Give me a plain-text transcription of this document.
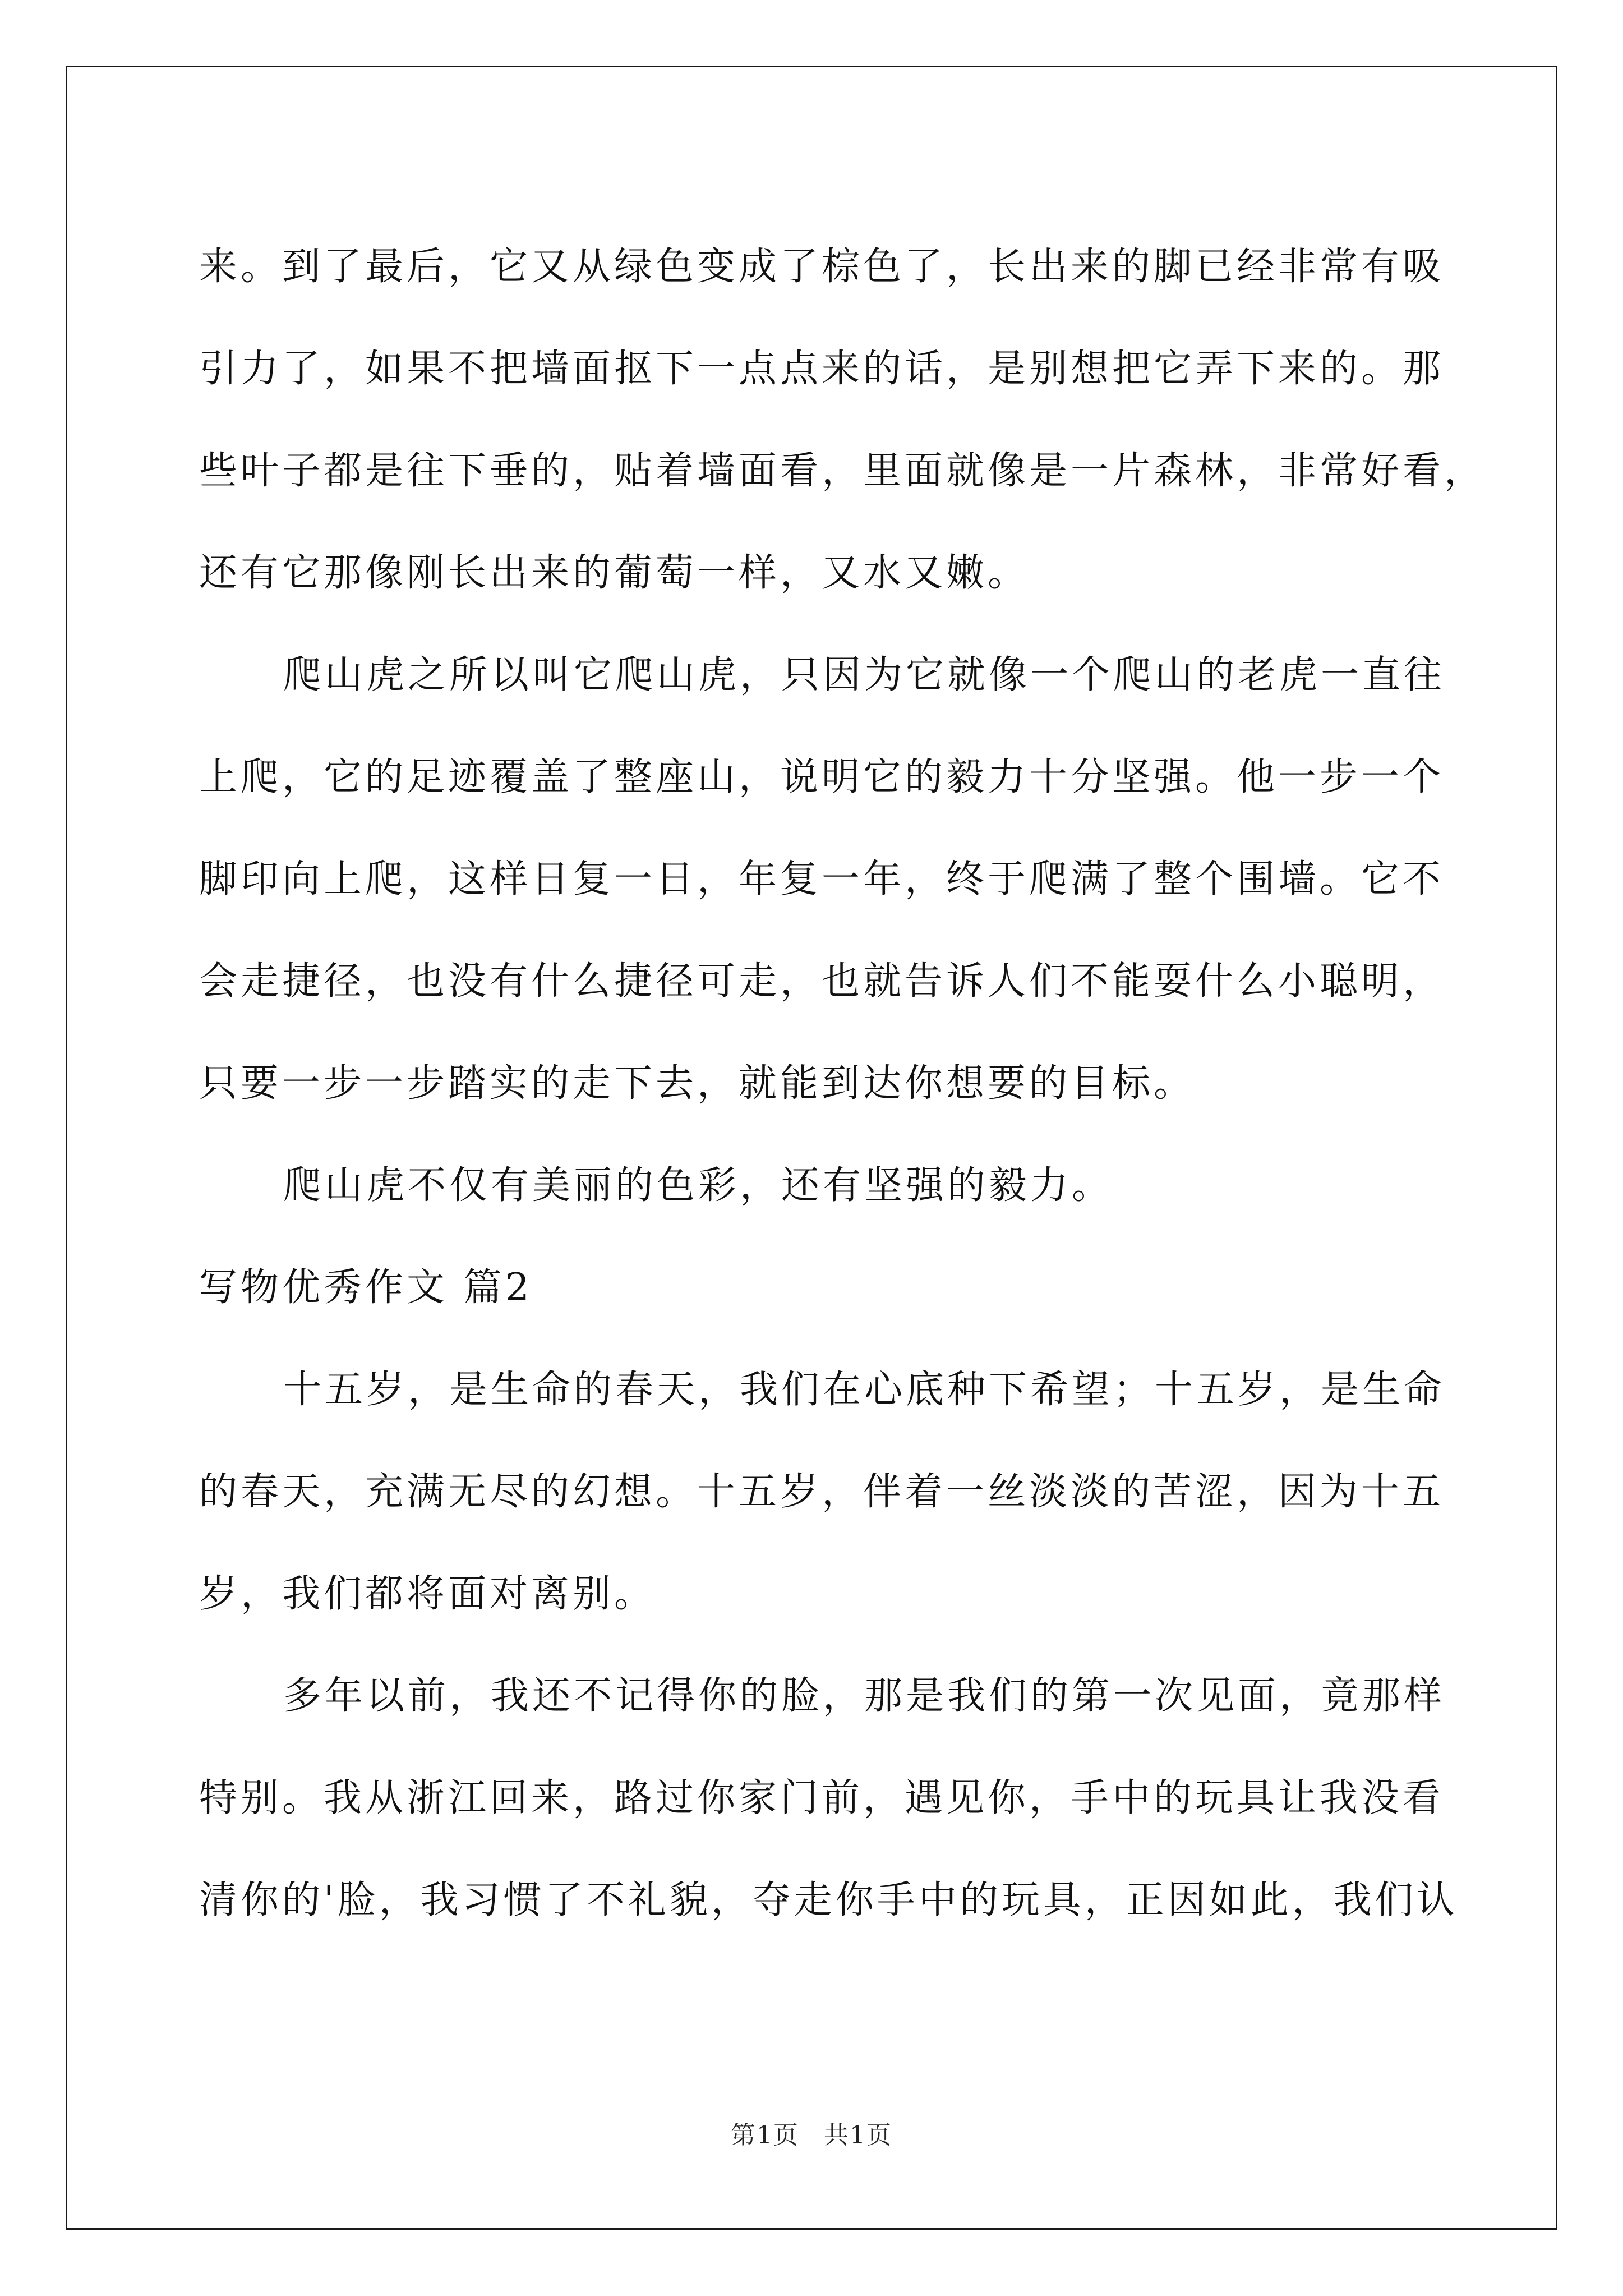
来。到了最后，它又从绿色变成了棕色了，长出来的脚已经非常有吸

引力了，如果不把墙面抠下一点点来的话，是别想把它弄下来的。那

些叶子都是往下垂的，贴着墙面看，里面就像是一片森林，非常好看，

还有它那像刚长出来的葡萄一样，又水又嫩。

爬山虎之所以叫它爬山虎，只因为它就像一个爬山的老虎一直往

上爬，它的足迹覆盖了整座山，说明它的毅力十分坚强。他一步一个

脚印向上爬，这样日复一日，年复一年，终于爬满了整个围墙。它不

会走捷径，也没有什么捷径可走，也就告诉人们不能耍什么小聪明，

只要一步一步踏实的走下去，就能到达你想要的目标。

爬山虎不仅有美丽的色彩，还有坚强的毅力。

写物优秀作文 篇2

十五岁，是生命的春天，我们在心底种下希望；十五岁，是生命

的春天，充满无尽的幻想。十五岁，伴着一丝淡淡的苦涩，因为十五

岁，我们都将面对离别。

多年以前，我还不记得你的脸，那是我们的第一次见面，竟那样

特别。我从浙江回来，路过你家门前，遇见你，手中的玩具让我没看

清你的'脸，我习惯了不礼貌，夺走你手中的玩具，正因如此，我们认

第1页 共1页
